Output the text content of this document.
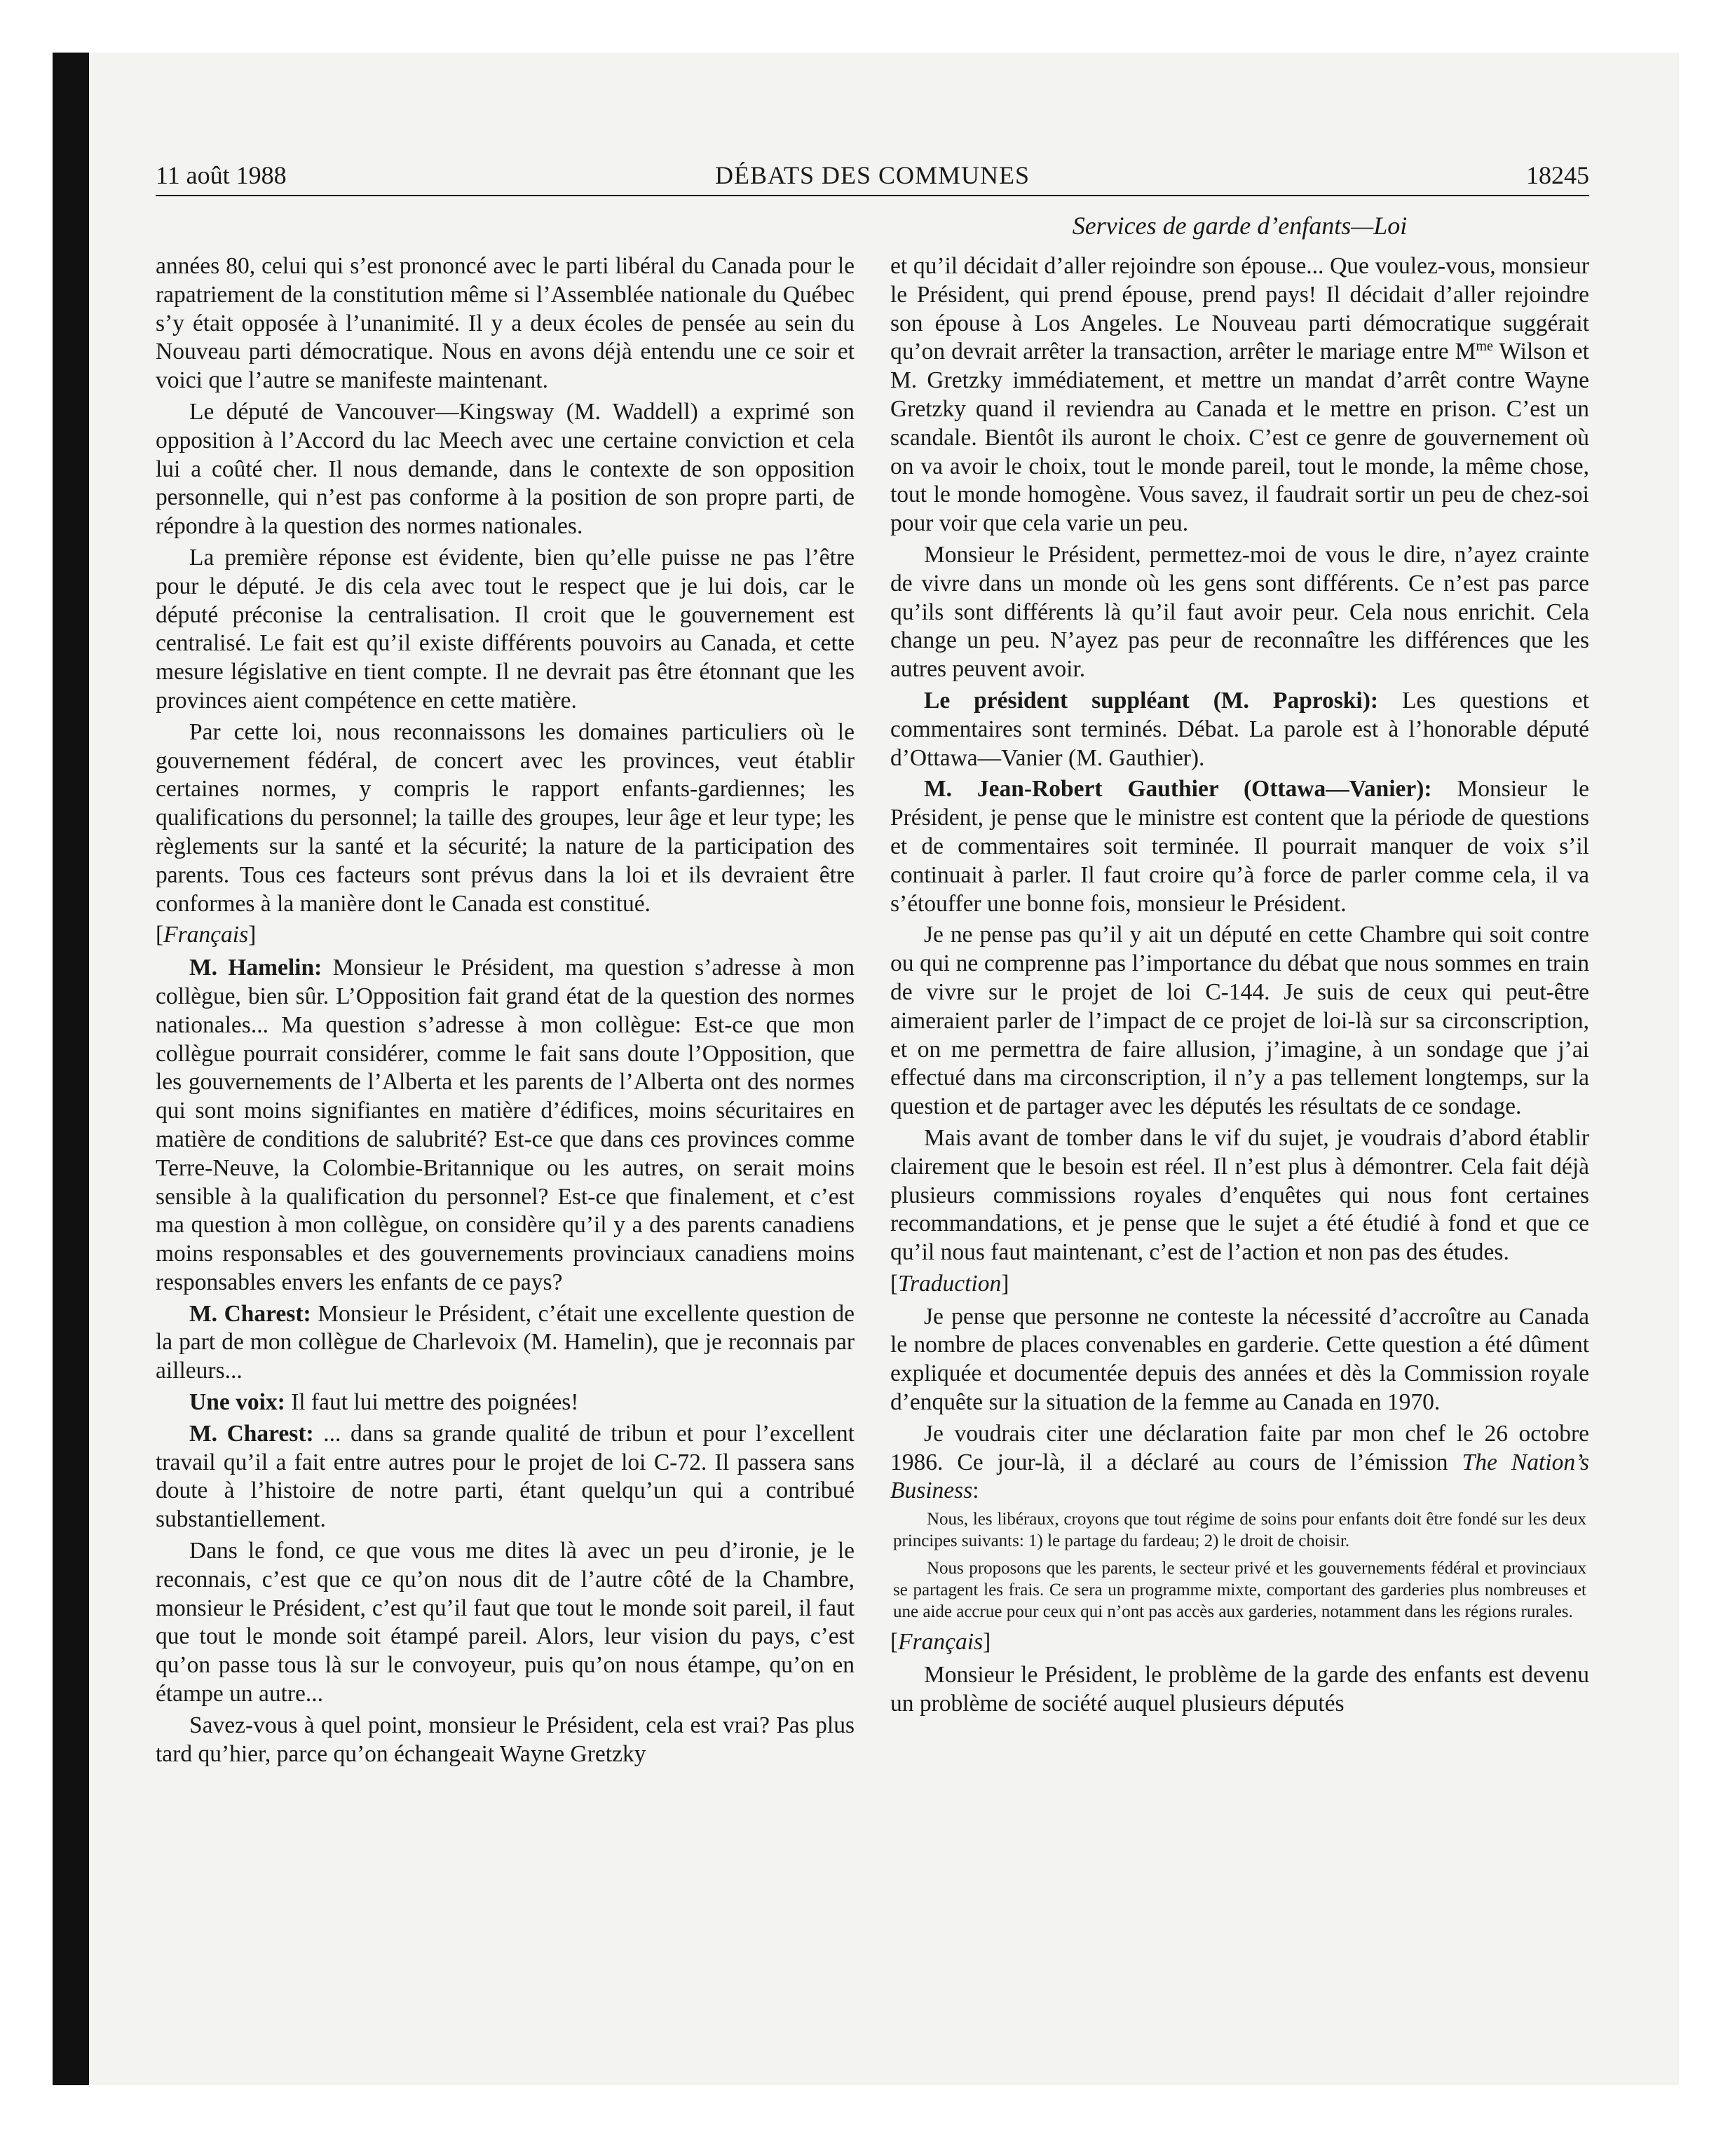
11 août 1988	DÉBATS DES COMMUNES	18245
Services de garde d’enfants—Loi

années 80, celui qui s’est prononcé avec le parti libéral du Canada pour le rapatriement de la constitution même si l’Assemblée nationale du Québec s’y était opposée à l’unanimité. Il y a deux écoles de pensée au sein du Nouveau parti démocratique. Nous en avons déjà entendu une ce soir et voici que l’autre se manifeste maintenant.

Le député de Vancouver—Kingsway (M. Waddell) a exprimé son opposition à l’Accord du lac Meech avec une certaine conviction et cela lui a coûté cher. Il nous demande, dans le contexte de son opposition personnelle, qui n’est pas conforme à la position de son propre parti, de répondre à la question des normes nationales.

La première réponse est évidente, bien qu’elle puisse ne pas l’être pour le député. Je dis cela avec tout le respect que je lui dois, car le député préconise la centralisation. Il croit que le gouvernement est centralisé. Le fait est qu’il existe différents pouvoirs au Canada, et cette mesure législative en tient compte. Il ne devrait pas être étonnant que les provinces aient compétence en cette matière.

Par cette loi, nous reconnaissons les domaines particuliers où le gouvernement fédéral, de concert avec les provinces, veut établir certaines normes, y compris le rapport enfants-gardiennes; les qualifications du personnel; la taille des groupes, leur âge et leur type; les règlements sur la santé et la sécurité; la nature de la participation des parents. Tous ces facteurs sont prévus dans la loi et ils devraient être conformes à la manière dont le Canada est constitué.

[Français]

M. Hamelin: Monsieur le Président, ma question s’adresse à mon collègue, bien sûr. L’Opposition fait grand état de la question des normes nationales... Ma question s’adresse à mon collègue: Est-ce que mon collègue pourrait considérer, comme le fait sans doute l’Opposition, que les gouvernements de l’Alberta et les parents de l’Alberta ont des normes qui sont moins signifiantes en matière d’édifices, moins sécuritaires en matière de conditions de salubrité? Est-ce que dans ces provinces comme Terre-Neuve, la Colombie-Britannique ou les autres, on serait moins sensible à la qualification du personnel? Est-ce que finalement, et c’est ma question à mon collègue, on considère qu’il y a des parents canadiens moins responsables et des gouvernements provinciaux canadiens moins responsables envers les enfants de ce pays?

M. Charest: Monsieur le Président, c’était une excellente question de la part de mon collègue de Charlevoix (M. Hamelin), que je reconnais par ailleurs...

Une voix: Il faut lui mettre des poignées!

M. Charest: ... dans sa grande qualité de tribun et pour l’excellent travail qu’il a fait entre autres pour le projet de loi C-72. Il passera sans doute à l’histoire de notre parti, étant quelqu’un qui a contribué substantiellement.

Dans le fond, ce que vous me dites là avec un peu d’ironie, je le reconnais, c’est que ce qu’on nous dit de l’autre côté de la Chambre, monsieur le Président, c’est qu’il faut que tout le monde soit pareil, il faut que tout le monde soit étampé pareil. Alors, leur vision du pays, c’est qu’on passe tous là sur le convoyeur, puis qu’on nous étampe, qu’on en étampe un autre...

Savez-vous à quel point, monsieur le Président, cela est vrai? Pas plus tard qu’hier, parce qu’on échangeait Wayne Gretzky

et qu’il décidait d’aller rejoindre son épouse... Que voulez-vous, monsieur le Président, qui prend épouse, prend pays! Il décidait d’aller rejoindre son épouse à Los Angeles. Le Nouveau parti démocratique suggérait qu’on devrait arrêter la transaction, arrêter le mariage entre $M^{me}$ Wilson et M. Gretzky immédiatement, et mettre un mandat d’arrêt contre Wayne Gretzky quand il reviendra au Canada et le mettre en prison. C’est un scandale. Bientôt ils auront le choix. C’est ce genre de gouvernement où on va avoir le choix, tout le monde pareil, tout le monde, la même chose, tout le monde homogène. Vous savez, il faudrait sortir un peu de chez-soi pour voir que cela varie un peu.

Monsieur le Président, permettez-moi de vous le dire, n’ayez crainte de vivre dans un monde où les gens sont différents. Ce n’est pas parce qu’ils sont différents là qu’il faut avoir peur. Cela nous enrichit. Cela change un peu. N’ayez pas peur de reconnaître les différences que les autres peuvent avoir.

Le président suppléant (M. Paproski): Les questions et commentaires sont terminés. Débat. La parole est à l’honorable député d’Ottawa—Vanier (M. Gauthier).

M. Jean-Robert Gauthier (Ottawa—Vanier): Monsieur le Président, je pense que le ministre est content que la période de questions et de commentaires soit terminée. Il pourrait manquer de voix s’il continuait à parler. Il faut croire qu’à force de parler comme cela, il va s’étouffer une bonne fois, monsieur le Président.

Je ne pense pas qu’il y ait un député en cette Chambre qui soit contre ou qui ne comprenne pas l’importance du débat que nous sommes en train de vivre sur le projet de loi C-144. Je suis de ceux qui peut-être aimeraient parler de l’impact de ce projet de loi-là sur sa circonscription, et on me permettra de faire allusion, j’imagine, à un sondage que j’ai effectué dans ma circonscription, il n’y a pas tellement longtemps, sur la question et de partager avec les députés les résultats de ce sondage.

Mais avant de tomber dans le vif du sujet, je voudrais d’abord établir clairement que le besoin est réel. Il n’est plus à démontrer. Cela fait déjà plusieurs commissions royales d’enquêtes qui nous font certaines recommandations, et je pense que le sujet a été étudié à fond et que ce qu’il nous faut maintenant, c’est de l’action et non pas des études.

[Traduction]

Je pense que personne ne conteste la nécessité d’accroître au Canada le nombre de places convenables en garderie. Cette question a été dûment expliquée et documentée depuis des années et dès la Commission royale d’enquête sur la situation de la femme au Canada en 1970.

Je voudrais citer une déclaration faite par mon chef le 26 octobre 1986. Ce jour-là, il a déclaré au cours de l’émission The Nation’s Business:

Nous, les libéraux, croyons que tout régime de soins pour enfants doit être fondé sur les deux principes suivants: 1) le partage du fardeau; 2) le droit de choisir.

Nous proposons que les parents, le secteur privé et les gouvernements fédéral et provinciaux se partagent les frais. Ce sera un programme mixte, comportant des garderies plus nombreuses et une aide accrue pour ceux qui n’ont pas accès aux garderies, notamment dans les régions rurales.

[Français]

Monsieur le Président, le problème de la garde des enfants est devenu un problème de société auquel plusieurs députés
